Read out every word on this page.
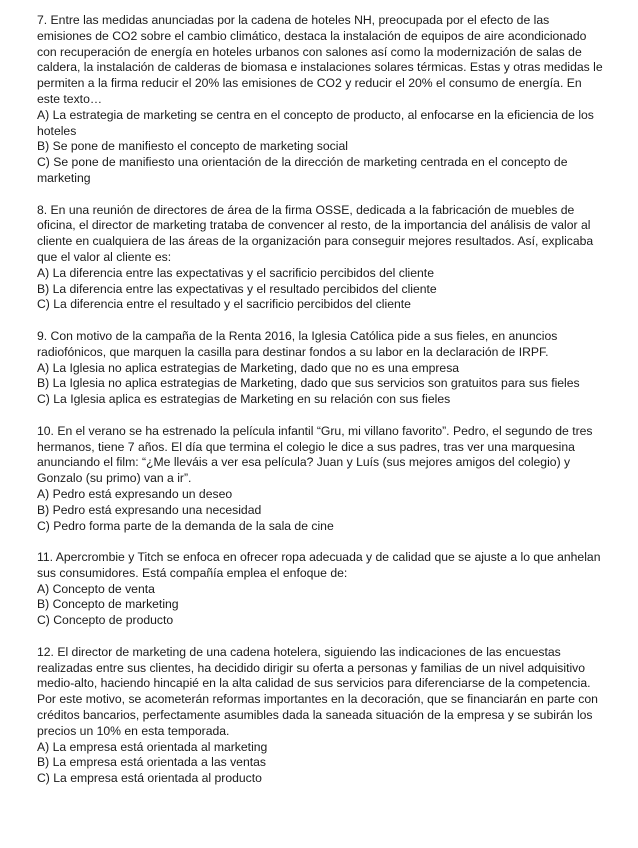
7. Entre las medidas anunciadas por la cadena de hoteles NH, preocupada por el efecto de las emisiones de CO2 sobre el cambio climático, destaca la instalación de equipos de aire acondicionado con recuperación de energía en hoteles urbanos con salones así como la modernización de salas de caldera, la instalación de calderas de biomasa e instalaciones solares térmicas. Estas y otras medidas le permiten a la firma reducir el 20% las emisiones de CO2 y reducir el 20% el consumo de energía. En este texto…

A) La estrategia de marketing se centra en el concepto de producto, al enfocarse en la eficiencia de los hoteles

B) Se pone de manifiesto el concepto de marketing social

C) Se pone de manifiesto una orientación de la dirección de marketing centrada en el concepto de marketing

8. En una reunión de directores de área de la firma OSSE, dedicada a la fabricación de muebles de oficina, el director de marketing trataba de convencer al resto, de la importancia del análisis de valor al cliente en cualquiera de las áreas de la organización para conseguir mejores resultados. Así, explicaba que el valor al cliente es:

A) La diferencia entre las expectativas y el sacrificio percibidos del cliente

B) La diferencia entre las expectativas y el resultado percibidos del cliente

C) La diferencia entre el resultado y el sacrificio percibidos del cliente

9. Con motivo de la campaña de la Renta 2016, la Iglesia Católica pide a sus fieles, en anuncios radiofónicos, que marquen la casilla para destinar fondos a su labor en la declaración de IRPF.

A) La Iglesia no aplica estrategias de Marketing, dado que no es una empresa

B) La Iglesia no aplica estrategias de Marketing, dado que sus servicios son gratuitos para sus fieles

C) La Iglesia aplica es estrategias de Marketing en su relación con sus fieles

10. En el verano se ha estrenado la película infantil “Gru, mi villano favorito”. Pedro, el segundo de tres hermanos, tiene 7 años. El día que termina el colegio le dice a sus padres, tras ver una marquesina anunciando el film: “¿Me lleváis a ver esa película? Juan y Luís (sus mejores amigos del colegio) y Gonzalo (su primo) van a ir”.

A) Pedro está expresando un deseo

B) Pedro está expresando una necesidad

C) Pedro forma parte de la demanda de la sala de cine

11. Apercrombie y Titch se enfoca en ofrecer ropa adecuada y de calidad que se ajuste a lo que anhelan sus consumidores. Está compañía emplea el enfoque de:

A) Concepto de venta

B) Concepto de marketing

C) Concepto de producto

12. El director de marketing de una cadena hotelera, siguiendo las indicaciones de las encuestas realizadas entre sus clientes, ha decidido dirigir su oferta a personas y familias de un nivel adquisitivo medio-alto, haciendo hincapié en la alta calidad de sus servicios para diferenciarse de la competencia. Por este motivo, se acometerán reformas importantes en la decoración, que se financiarán en parte con créditos bancarios, perfectamente asumibles dada la saneada situación de la empresa y se subirán los precios un 10% en esta temporada.

A) La empresa está orientada al marketing

B) La empresa está orientada a las ventas

C) La empresa está orientada al producto
